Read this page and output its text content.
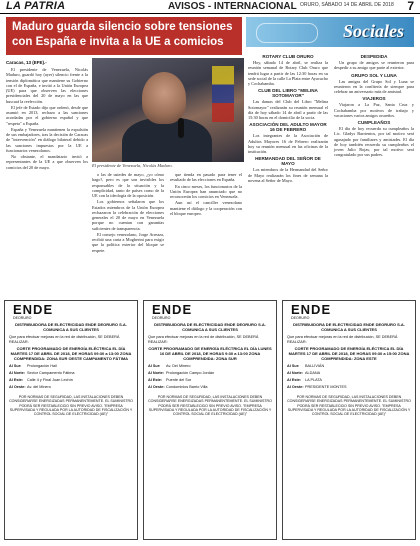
LA PATRIA	AVISOS - INTERNACIONAL ORURO, SÁBADO 14 DE ABRIL DE 2018 7
Maduro guarda silencio sobre tensiones con España e invita a la UE a comicios
Caracas, 13 (EFE).-

El presidente de Venezuela, Nicolás Maduro, guardó hoy (ayer) silencio frente a la tensión diplomática que mantiene su Gobierno con el de España, e invitó a la Unión Europea (UE) para que observen las elecciones presidenciales del 20 de mayo en las que buscará la reelección.

El jefe de Estado dijo que ordenó, desde que asumió en 2013, rechazo a las sanciones acordadas por el gobierno español y que "respeta" a España.

España y Venezuela mantienen la expulsión de sus embajadores, tras la decisión de Caracas de "intervención" en diálogo bilateral debido a las sanciones impuestas por la UE a funcionarios venezolanos.

No obstante, el mandatario invitó a representantes de la UE a que observen los comicios del 20 de mayo.	El presidente de Venezuela, Nicolás Maduro.

o las de ustedes de mayo, ¿yo cómo hago?, pero es que son invisibles los responsables de la situación y la complicidad, tanto de países como de la UE con la ideología de la oposición.

Los gobiernos señalaron que los Estados miembros de la Unión Europea rechazaron la celebración de elecciones generales el 20 de mayo en Venezuela porque no cuentan con garantías suficientes de transparencia.

El consejo venezolano, Jorge Arreaza, recibió una carta a Mogherini para exigir que la política exterior del bloque se respete.

que tienda en pasado para tener el resultado de las elecciones en España.

En cinco meses, los funcionarios de la Unión Europea han anunciado que no reconocerán los comicios en Venezuela.

Aun así el canciller venezolano mantiene el diálogo y la cooperación con el bloque europeo.

Sociales
ROTARY CLUB ORURO

Hoy, sábado 14 de abril, se realiza la reunión semanal de Rotary Club Oruro que tendrá lugar a partir de las 12:30 horas en su sede social de la calle La Plata entre Ayacucho y Cochabamba.

CLUB DEL LIBRO "MELINA SOTOMAYOR"

Las damas del Club del Libro "Melina Sotomayor" realizarán su reunión mensual el día de hoy sábado 14 de abril a partir de las 15:30 horas en el domicilio de la socia.

ASOCIACIÓN DEL ADULTO MAYOR 16 DE FEBRERO

Los integrantes de la Asociación de Adultos Mayores 16 de Febrero realizarán hoy su reunión mensual en las oficinas de la institución.

HERMANDAD DEL SEÑOR DE MAYO

Los miembros de la Hermandad del Señor de Mayo realizarán los fines de semana la novena al Señor de Mayo.

DESPEDIDA

Un grupo de amigos se reunieron para despedir a su amigo que parte al exterior.

GRUPO SOL Y LUNA

Las amigas del Grupo Sol y Luna se reunieron en la confitería de siempre para celebrar un aniversario más de amistad.

VIAJEROS

Viajaron a La Paz, Santa Cruz y Cochabamba por motivos de trabajo y vacaciones varios amigos orureños.

CUMPLEAÑOS

El día de hoy recuerda su cumpleaños la Lic. Gladys Barrientos, por tal motivo será agasajado por familiares y amistades. El día de hoy también recuerda su cumpleaños el joven Julio Rojas, por tal motivo será congratulado por sus padres.

ENDE
DEORURO
DISTRIBUIDORA DE ELECTRICIDAD ENDE DEORURO S.A. COMUNICA A SUS CLIENTES
Que para efectuar mejoras en la red de distribución, SE DEBERÁ REALIZAR:
CORTE PROGRAMADO DE ENERGÍA ELÉCTRICA EL DÍA MARTES 17 DE ABRIL DE 2018, DE HORAS 09:30 a 13:00 ZONA COMPRENDIDA: ZONA SUR OESTE CAMPAMENTO FÁTIMA
Al Sur: Prolongación Hail
Al Norte: Sector Campamento Fátima
Al Este: Calle 4 y Final Juan Lechín
Al Oeste:Av. del Minero
POR NORMAS DE SEGURIDAD, LAS INSTALACIONES DEBEN CONSIDERARSE ENERGIZADAS PERMANENTEMENTE. EL SUMINISTRO PODRÁ SER RESTABLECIDO SIN PREVIO AVISO. "EMPRESA SUPERVISADA Y REGULADA POR LA AUTORIDAD DE FISCALIZACIÓN Y CONTROL SOCIAL DE ELECTRICIDAD (AE)"
ENDE
DEORURO
DISTRIBUIDORA DE ELECTRICIDAD ENDE DEORURO S.A. COMUNICA A SUS CLIENTES
Que para efectuar mejoras en la red de distribución, SE DEBERÁ REALIZAR:
CORTE PROGRAMADO DE ENERGÍA ELÉCTRICA EL DÍA LUNES 16 DE ABRIL DE 2018, DE HORAS 9:30 a 13:00 ZONA COMPRENDIDA: ZONA SUR
Al Sur: Av. Del Minero
Al Norte: Prolongación Campo Jordán
Al Este: Puente del Sur
Al Oeste:Condominios Barrio Villa
POR NORMAS DE SEGURIDAD, LAS INSTALACIONES DEBEN CONSIDERARSE ENERGIZADAS PERMANENTEMENTE. EL SUMINISTRO PODRÁ SER RESTABLECIDO SIN PREVIO AVISO. "EMPRESA SUPERVISADA Y REGULADA POR LA AUTORIDAD DE FISCALIZACIÓN Y CONTROL SOCIAL DE ELECTRICIDAD (AE)"
ENDE
DEORURO
DISTRIBUIDORA DE ELECTRICIDAD ENDE DEORURO S.A. COMUNICA A SUS CLIENTES
Que para efectuar mejoras en la red de distribución, SE DEBERÁ REALIZAR:
CORTE PROGRAMADO DE ENERGÍA ELÉCTRICA EL DÍA MARTES 17 DE ABRIL DE 2018, DE HORAS 09:30 a 15:00 ZONA COMPRENDIDA: ZONA ESTE
Al Sur: BALLIVIÁN
Al Norte: ALDANA
Al Este: LA PLATA
Al Oeste:PRESIDENTE MONTES
POR NORMAS DE SEGURIDAD, LAS INSTALACIONES DEBEN CONSIDERARSE ENERGIZADAS PERMANENTEMENTE. EL SUMINISTRO PODRÁ SER RESTABLECIDO SIN PREVIO AVISO. "EMPRESA SUPERVISADA Y REGULADA POR LA AUTORIDAD DE FISCALIZACIÓN Y CONTROL SOCIAL DE ELECTRICIDAD (AE)"
